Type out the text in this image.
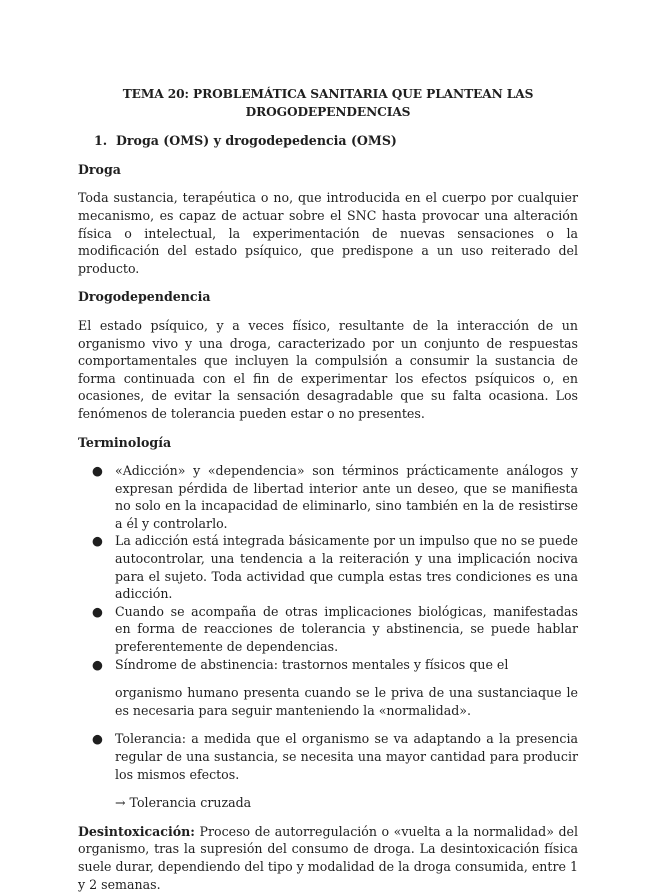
TEMA 20: PROBLEMÁTICA SANITARIA QUE PLANTEAN LAS DROGODEPENDENCIAS
1. Droga (OMS) y drogodepedencia (OMS)
Droga

Toda sustancia, terapéutica o no, que introducida en el cuerpo por cualquier mecanismo, es capaz de actuar sobre el SNC hasta provocar una alteración física o intelectual, la experimentación de nuevas sensaciones o la modificación del estado psíquico, que predispone a un uso reiterado del producto.

Drogodependencia

El estado psíquico, y a veces físico, resultante de la interacción de un organismo vivo y una droga, caracterizado por un conjunto de respuestas comportamentales que incluyen la compulsión a consumir la sustancia de forma continuada con el fin de experimentar los efectos psíquicos o, en ocasiones, de evitar la sensación desagradable que su falta ocasiona. Los fenómenos de tolerancia pueden estar o no presentes.

Terminología
● «Adicción» y «dependencia» son términos prácticamente análogos y expresan pérdida de libertad interior ante un deseo, que se manifiesta no solo en la incapacidad de eliminarlo, sino también en la de resistirse a él y controlarlo.
● La adicción está integrada básicamente por un impulso que no se puede autocontrolar, una tendencia a la reiteración y una implicación nociva para el sujeto. Toda actividad que cumpla estas tres condiciones es una adicción.
● Cuando se acompaña de otras implicaciones biológicas, manifestadas en forma de reacciones de tolerancia y abstinencia, se puede hablar preferentemente de dependencias.
● Síndrome de abstinencia: trastornos mentales y físicos que el

organismo humano presenta cuando se le priva de una sustanciaque le es necesaria para seguir manteniendo la «normalidad».

● Tolerancia: a medida que el organismo se va adaptando a la presencia regular de una sustancia, se necesita una mayor cantidad para producir los mismos efectos.
→ Tolerancia cruzada

Desintoxicación: Proceso de autorregulación o «vuelta a la normalidad» del organismo, tras la supresión del consumo de droga. La desintoxicación física suele durar, dependiendo del tipo y modalidad de la droga consumida, entre 1 y 2 semanas.
